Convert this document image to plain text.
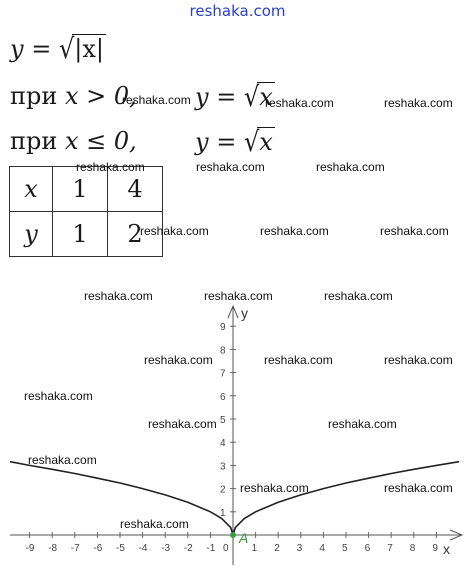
reshaka.com
y = √|x|
при x > 0, y = √x
при x ≤ 0, y = √x
x	1	4
y	1	2
y
x
-9 -8 -7 -6 -5 -4 -3 -2 -1 0 1 2 3 4 5 6 7 8 9
1
2
3
4
5
6
7
8
9
A
reshaka.com	reshaka.com	reshaka.com
reshaka.com	reshaka.com	reshaka.com
reshaka.com	reshaka.com	reshaka.com
reshaka.com	reshaka.com	reshaka.com
reshaka.com	reshaka.com	reshaka.com
reshaka.com
reshaka.com	reshaka.com
reshaka.com
reshaka.com	reshaka.com
reshaka.com
